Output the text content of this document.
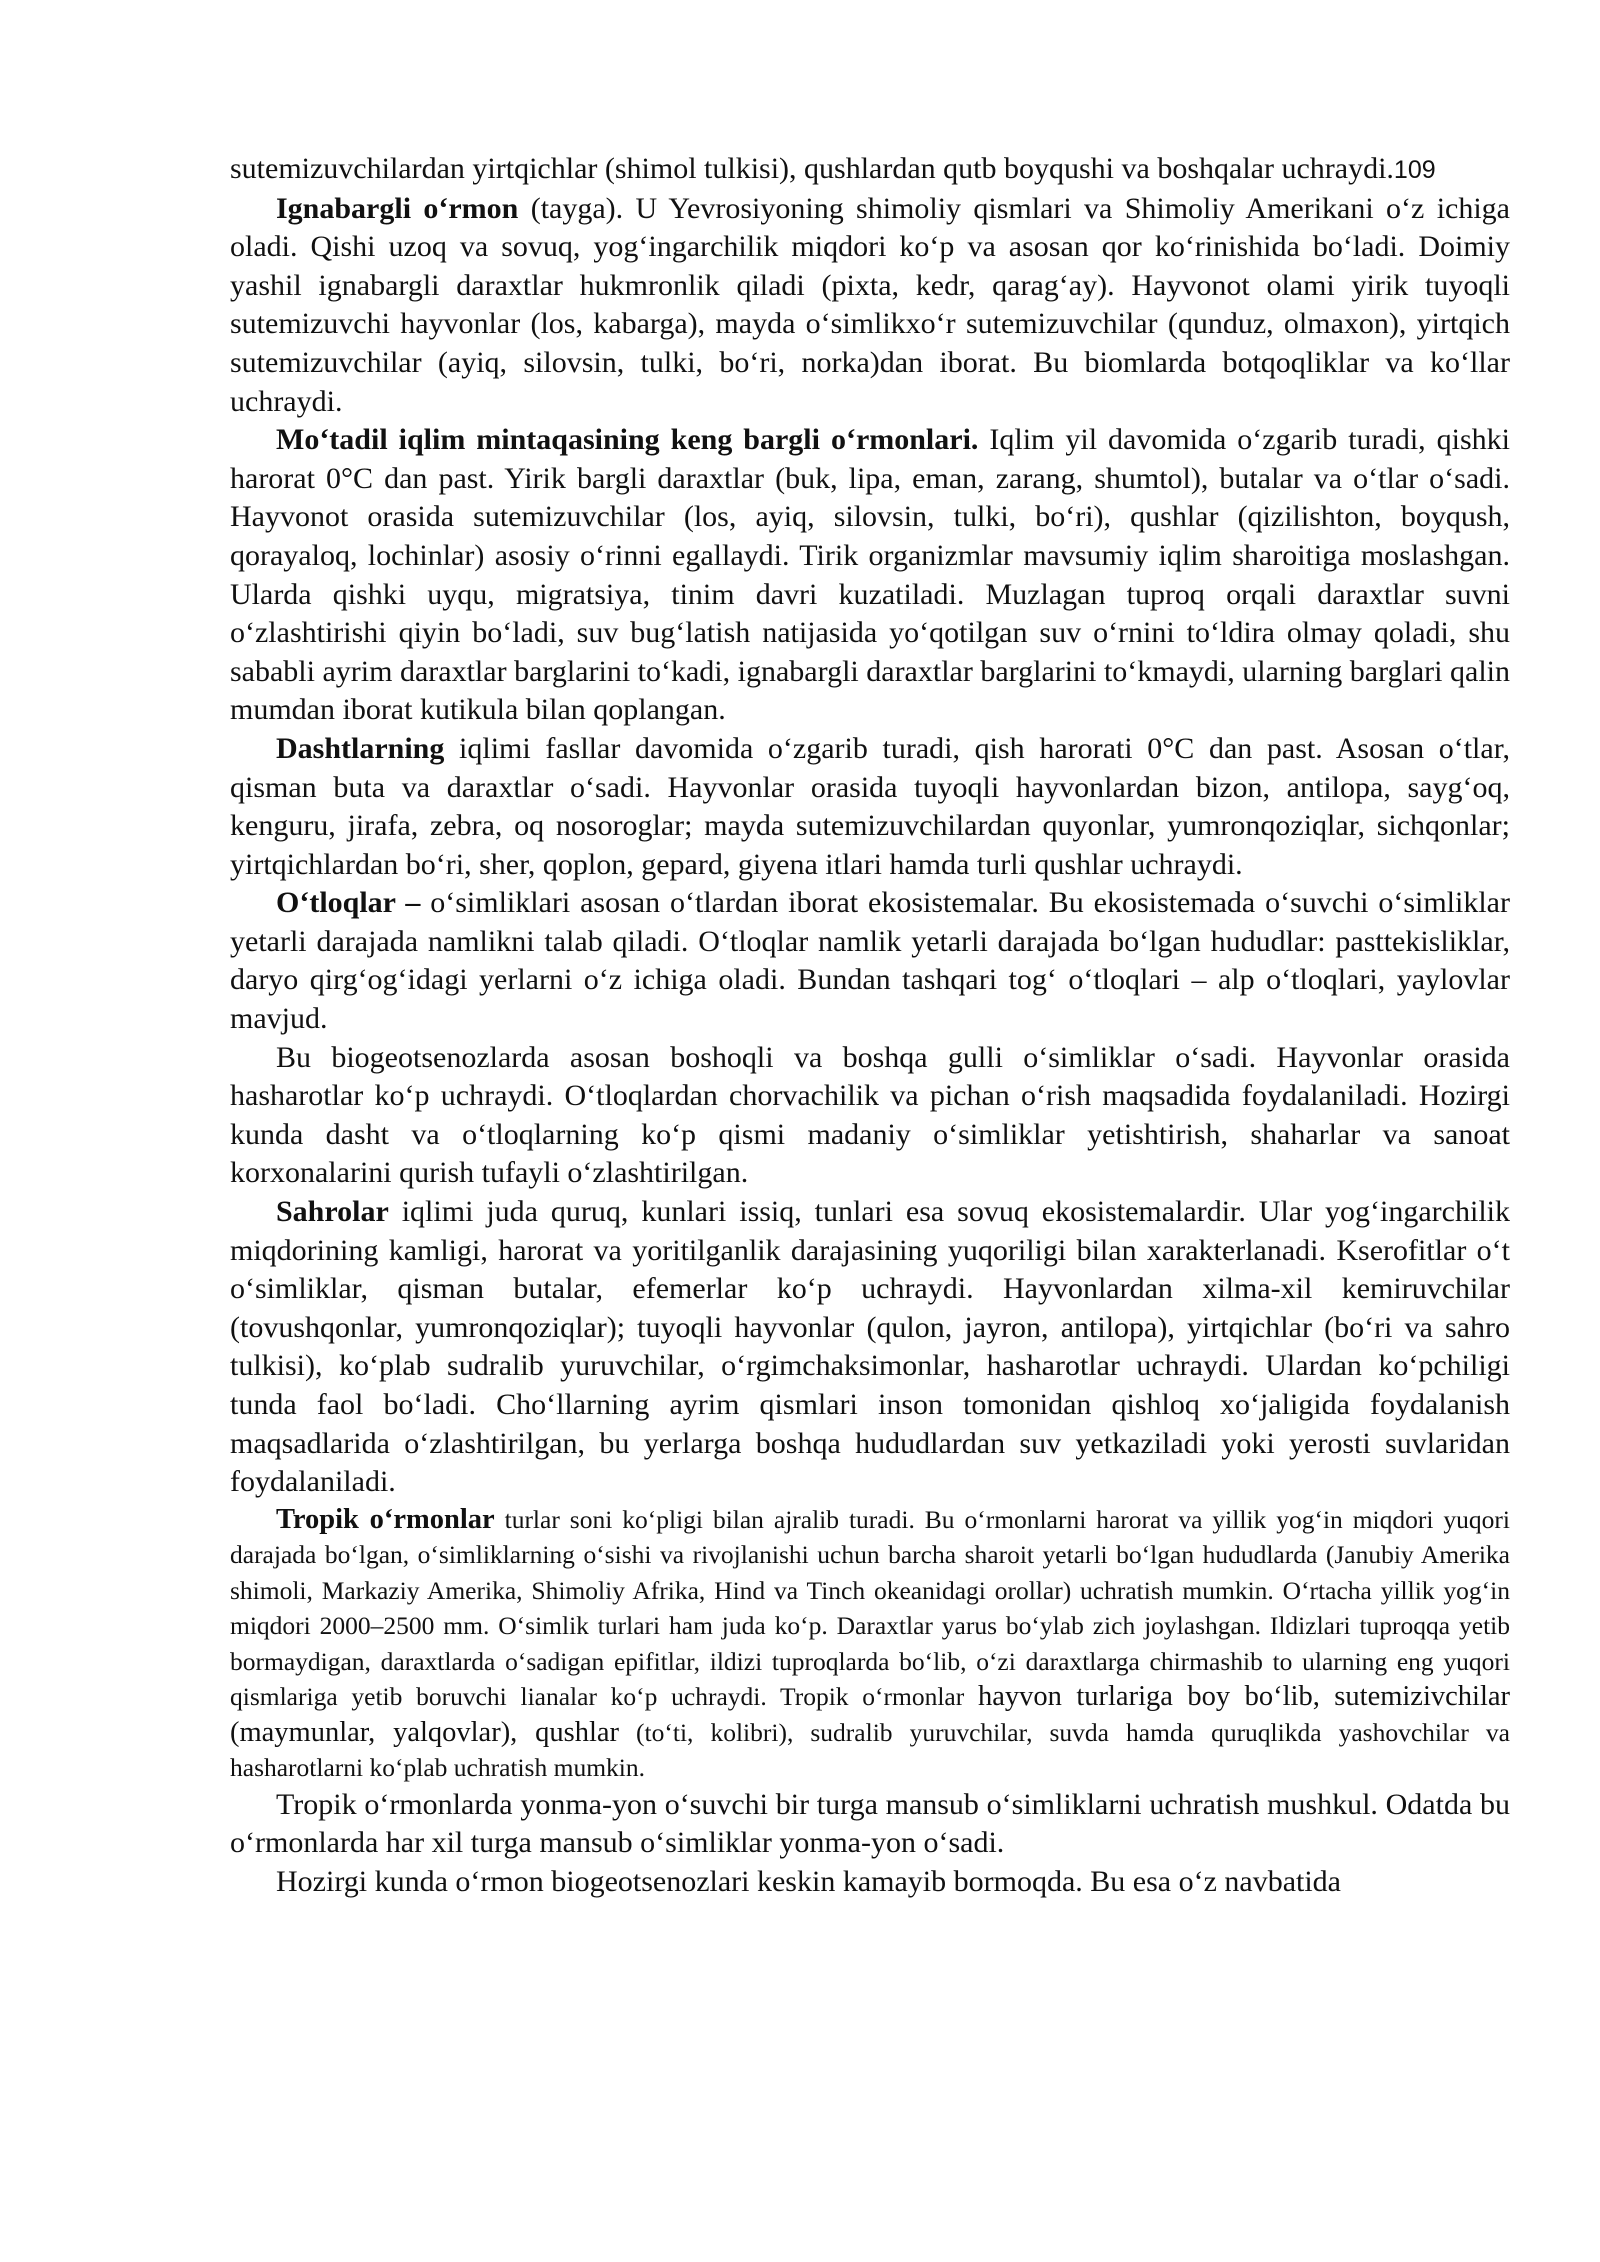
sutemizuvchilardan yirtqichlar (shimol tulkisi), qushlardan qutb boyqushi va boshqalar uchraydi.109

Ignabargli o‘rmon (tayga). U Yevrosiyoning shimoliy qismlari va Shimoliy Amerikani o‘z ichiga oladi. Qishi uzoq va sovuq, yog‘ingarchilik miqdori ko‘p va asosan qor ko‘rinishida bo‘ladi. Doimiy yashil ignabargli daraxtlar hukmronlik qiladi (pixta, kedr, qarag‘ay). Hayvonot olami yirik tuyoqli sutemizuvchi hayvonlar (los, kabarga), mayda o‘simlikxo‘r sutemizuvchilar (qunduz, olmaxon), yirtqich sutemizuvchilar (ayiq, silovsin, tulki, bo‘ri, norka)dan iborat. Bu biomlarda botqoqliklar va ko‘llar uchraydi.

Mo‘tadil iqlim mintaqasining keng bargli o‘rmonlari. Iqlim yil davomida o‘zgarib turadi, qishki harorat 0°C dan past. Yirik bargli daraxtlar (buk, lipa, eman, zarang, shumtol), butalar va o‘tlar o‘sadi. Hayvonot orasida sutemizuvchilar (los, ayiq, silovsin, tulki, bo‘ri), qushlar (qizilishton, boyqush, qorayaloq, lochinlar) asosiy o‘rinni egallaydi. Tirik organizmlar mavsumiy iqlim sharoitiga moslashgan. Ularda qishki uyqu, migratsiya, tinim davri kuzatiladi. Muzlagan tuproq orqali daraxtlar suvni o‘zlashtirishi qiyin bo‘ladi, suv bug‘latish natijasida yo‘qotilgan suv o‘rnini to‘ldira olmay qoladi, shu sababli ayrim daraxtlar barglarini to‘kadi, ignabargli daraxtlar barglarini to‘kmaydi, ularning barglari qalin mumdan iborat kutikula bilan qoplangan.

Dashtlarning iqlimi fasllar davomida o‘zgarib turadi, qish harorati 0°C dan past. Asosan o‘tlar, qisman buta va daraxtlar o‘sadi. Hayvonlar orasida tuyoqli hayvonlardan bizon, antilopa, sayg‘oq, kenguru, jirafa, zebra, oq nosoroglar; mayda sutemizuvchilardan quyonlar, yumronqoziqlar, sichqonlar; yirtqichlardan bo‘ri, sher, qoplon, gepard, giyena itlari hamda turli qushlar uchraydi.

O‘tloqlar – o‘simliklari asosan o‘tlardan iborat ekosistemalar. Bu ekosistemada o‘suvchi o‘simliklar yetarli darajada namlikni talab qiladi. O‘tloqlar namlik yetarli darajada bo‘lgan hududlar: pasttekisliklar, daryo qirg‘og‘idagi yerlarni o‘z ichiga oladi. Bundan tashqari tog‘ o‘tloqlari – alp o‘tloqlari, yaylovlar mavjud.

Bu biogeotsenozlarda asosan boshoqli va boshqa gulli o‘simliklar o‘sadi. Hayvonlar orasida hasharotlar ko‘p uchraydi. O‘tloqlardan chorvachilik va pichan o‘rish maqsadida foydalaniladi. Hozirgi kunda dasht va o‘tloqlarning ko‘p qismi madaniy o‘simliklar yetishtirish, shaharlar va sanoat korxonalarini qurish tufayli o‘zlashtirilgan.

Sahrolar iqlimi juda quruq, kunlari issiq, tunlari esa sovuq ekosistemalardir. Ular yog‘ingarchilik miqdorining kamligi, harorat va yoritilganlik darajasining yuqoriligi bilan xarakterlanadi. Kserofitlar o‘t o‘simliklar, qisman butalar, efemerlar ko‘p uchraydi. Hayvonlardan xilma-xil kemiruvchilar (tovushqonlar, yumronqoziqlar); tuyoqli hayvonlar (qulon, jayron, antilopa), yirtqichlar (bo‘ri va sahro tulkisi), ko‘plab sudralib yuruvchilar, o‘rgimchaksimonlar, hasharotlar uchraydi. Ulardan ko‘pchiligi tunda faol bo‘ladi. Cho‘llarning ayrim qismlari inson tomonidan qishloq xo‘jaligida foydalanish maqsadlarida o‘zlashtirilgan, bu yerlarga boshqa hududlardan suv yetkaziladi yoki yerosti suvlaridan foydalaniladi.

Tropik o‘rmonlar turlar soni ko‘pligi bilan ajralib turadi. Bu o‘rmonlarni harorat va yillik yog‘in miqdori yuqori darajada bo‘lgan, o‘simliklarning o‘sishi va rivojlanishi uchun barcha sharoit yetarli bo‘lgan hududlarda (Janubiy Amerika shimoli, Markaziy Amerika, Shimoliy Afrika, Hind va Tinch okeanidagi orollar) uchratish mumkin. O‘rtacha yillik yog‘in miqdori 2000–2500 mm. O‘simlik turlari ham juda ko‘p. Daraxtlar yarus bo‘ylab zich joylashgan. Ildizlari tuproqqa yetib bormaydigan, daraxtlarda o‘sadigan epifitlar, ildizi tuproqlarda bo‘lib, o‘zi daraxtlarga chirmashib to ularning eng yuqori qismlariga yetib boruvchi lianalar ko‘p uchraydi. Tropik o‘rmonlar hayvon turlariga boy bo‘lib, sutemizivchilar (maymunlar, yalqovlar), qushlar (to‘ti, kolibri), sudralib yuruvchilar, suvda hamda quruqlikda yashovchilar va hasharotlarni ko‘plab uchratish mumkin.

Tropik o‘rmonlarda yonma-yon o‘suvchi bir turga mansub o‘simliklarni uchratish mushkul. Odatda bu o‘rmonlarda har xil turga mansub o‘simliklar yonma-yon o‘sadi.

Hozirgi kunda o‘rmon biogeotsenozlari keskin kamayib bormoqda. Bu esa o‘z navbatida
